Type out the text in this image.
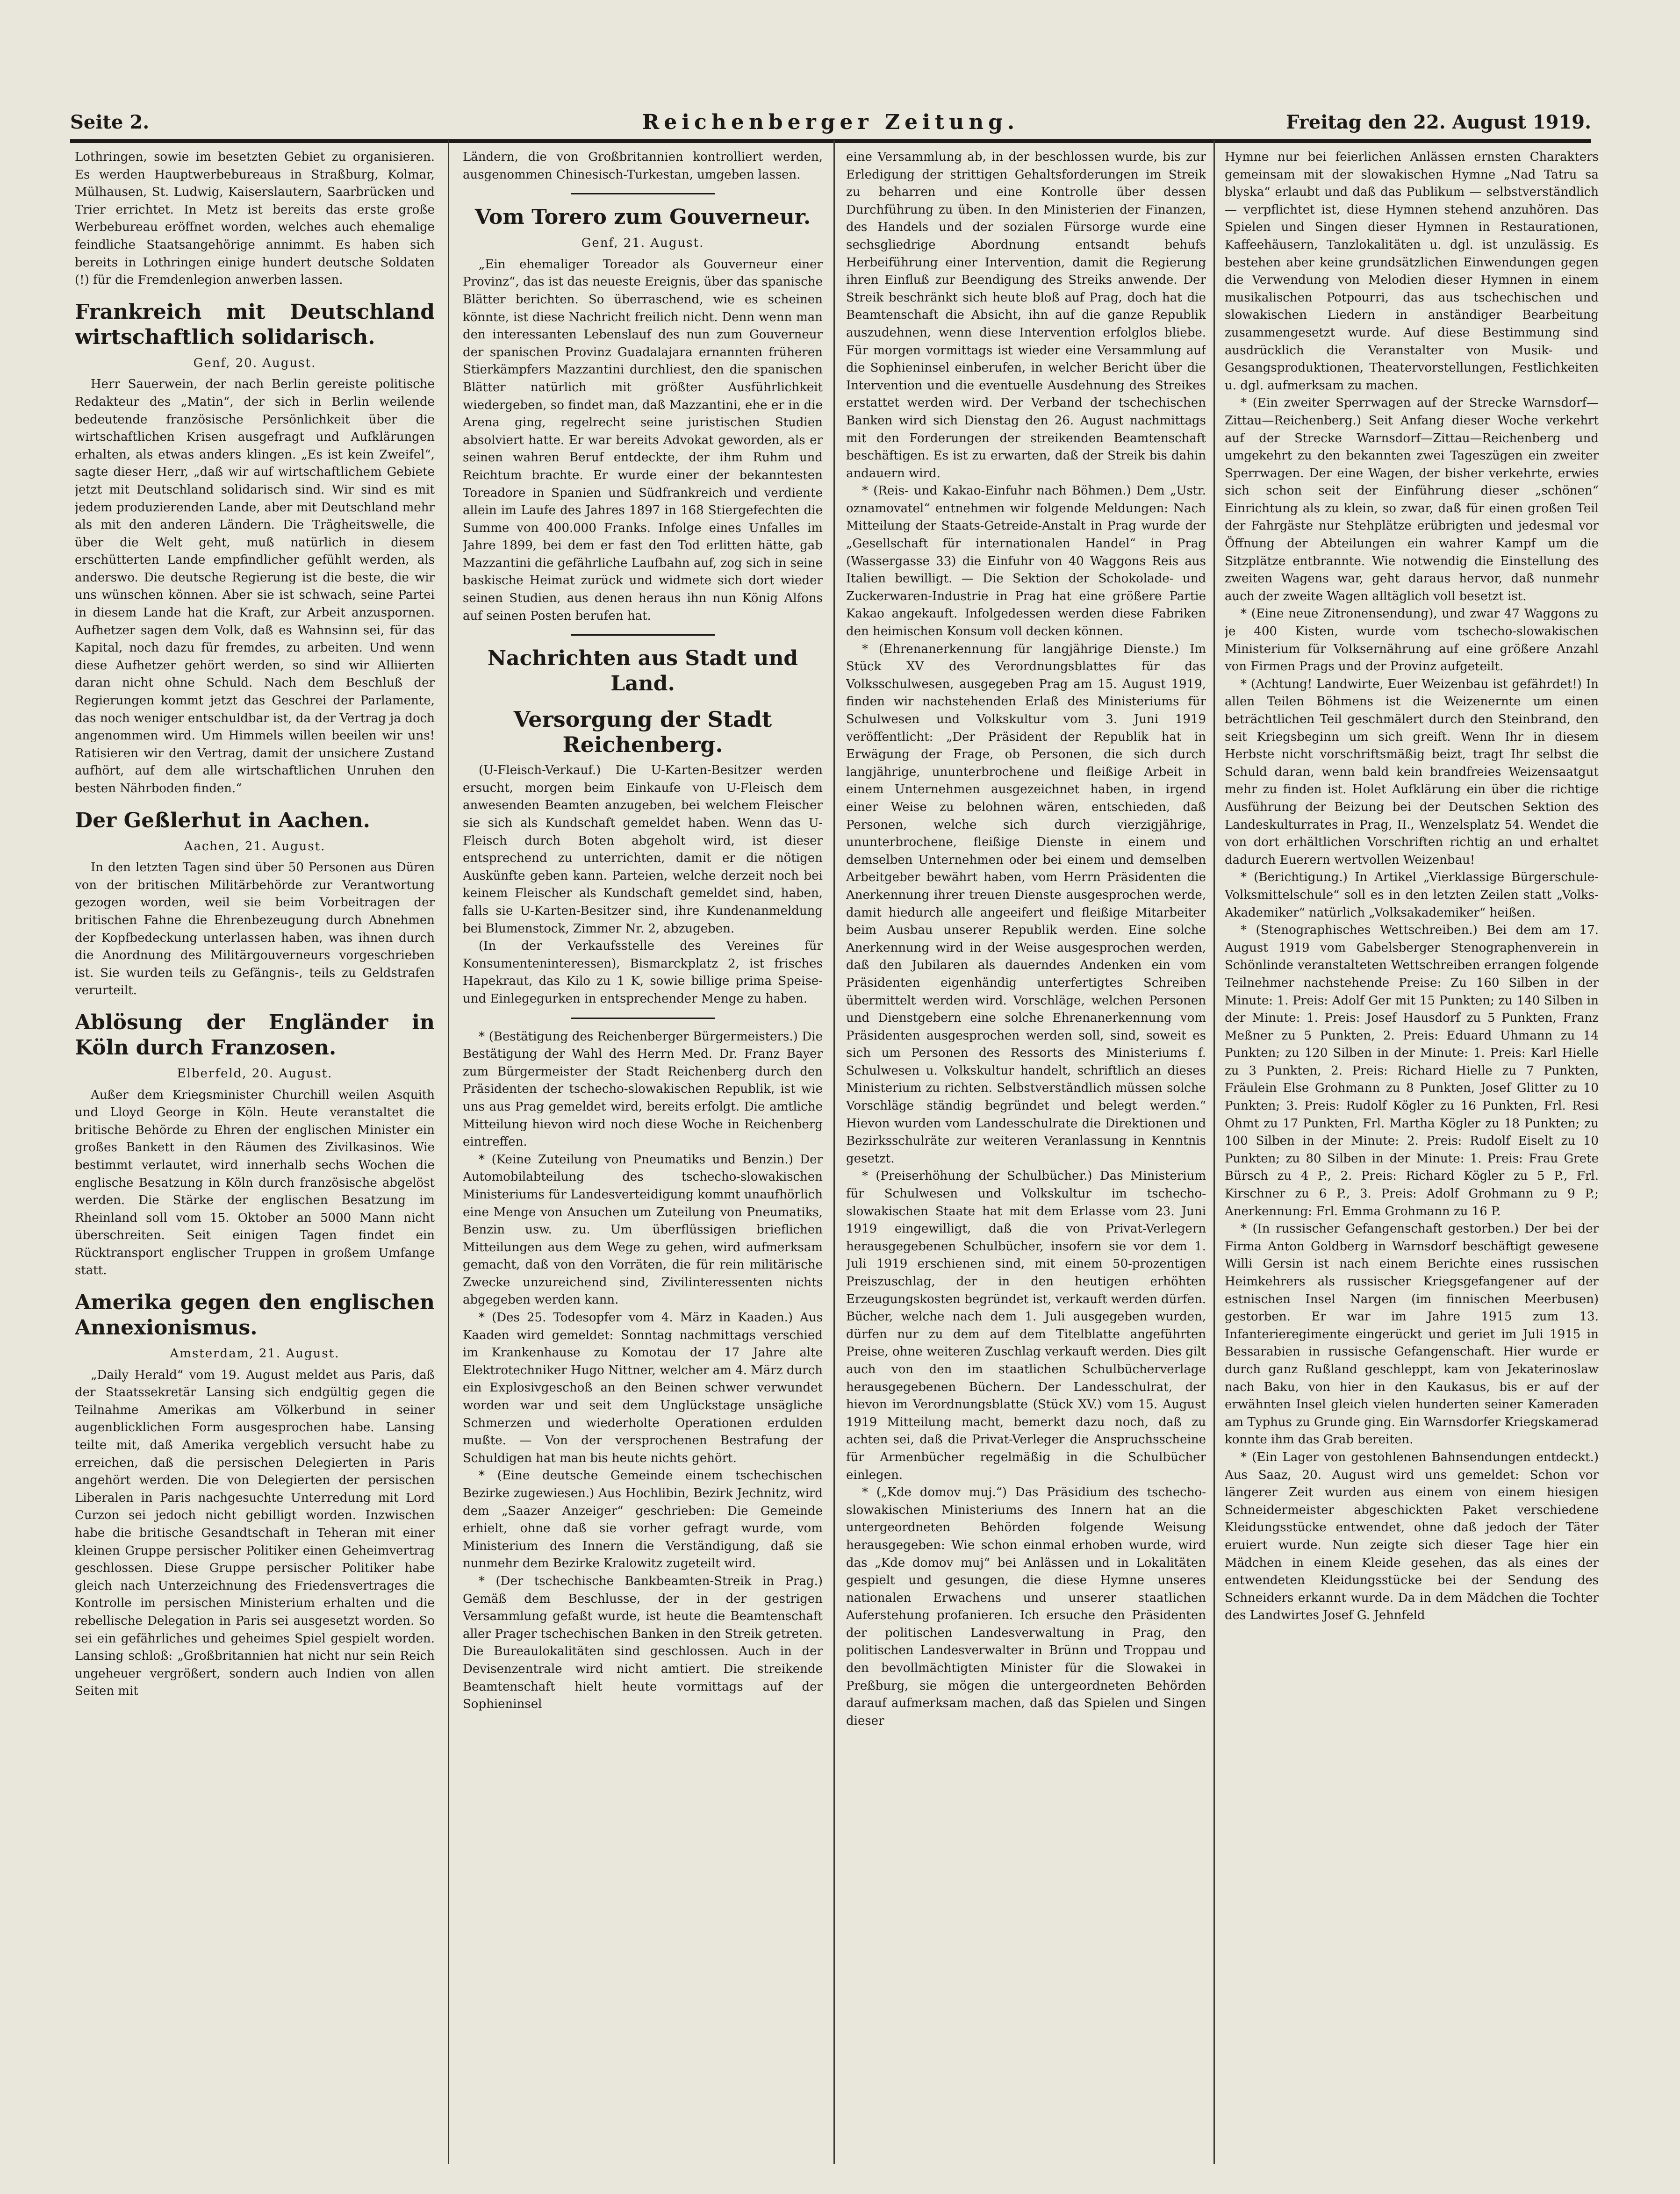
Seite 2.	Reichenberger Zeitung.	Freitag den 22. August 1919.

Lothringen, sowie im besetzten Gebiet zu organisieren. Es werden Hauptwerbebureaus in Straßburg, Kolmar, Mülhausen, St. Ludwig, Kaiserslautern, Saarbrücken und Trier errichtet. In Metz ist bereits das erste große Werbebureau eröffnet worden, welches auch ehemalige feindliche Staatsangehörige annimmt. Es haben sich bereits in Lothringen einige hundert deutsche Soldaten (!) für die Fremdenlegion anwerben lassen.

Frankreich mit Deutschland wirtschaftlich solidarisch.
Genf, 20. August.

Herr Sauerwein, der nach Berlin gereiste politische Redakteur des „Matin“, der sich in Berlin weilende bedeutende französische Persönlichkeit über die wirtschaftlichen Krisen ausgefragt und Aufklärungen erhalten, als etwas anders klingen. „Es ist kein Zweifel“, sagte dieser Herr, „daß wir auf wirtschaftlichem Gebiete jetzt mit Deutschland solidarisch sind. Wir sind es mit jedem produzierenden Lande, aber mit Deutschland mehr als mit den anderen Ländern. Die Trägheitswelle, die über die Welt geht, muß natürlich in diesem erschütterten Lande empfindlicher gefühlt werden, als anderswo. Die deutsche Regierung ist die beste, die wir uns wünschen können. Aber sie ist schwach, seine Partei in diesem Lande hat die Kraft, zur Arbeit anzuspornen. Aufhetzer sagen dem Volk, daß es Wahnsinn sei, für das Kapital, noch dazu für fremdes, zu arbeiten. Und wenn diese Aufhetzer gehört werden, so sind wir Alliierten daran nicht ohne Schuld. Nach dem Beschluß der Regierungen kommt jetzt das Geschrei der Parlamente, das noch weniger entschuldbar ist, da der Vertrag ja doch angenommen wird. Um Himmels willen beeilen wir uns! Ratisieren wir den Vertrag, damit der unsichere Zustand aufhört, auf dem alle wirtschaftlichen Unruhen den besten Nährboden finden.“

Der Geßlerhut in Aachen.
Aachen, 21. August.

In den letzten Tagen sind über 50 Personen aus Düren von der britischen Militärbehörde zur Verantwortung gezogen worden, weil sie beim Vorbeitragen der britischen Fahne die Ehrenbezeugung durch Abnehmen der Kopfbedeckung unterlassen haben, was ihnen durch die Anordnung des Militärgouverneurs vorgeschrieben ist. Sie wurden teils zu Gefängnis-, teils zu Geldstrafen verurteilt.

Ablösung der Engländer in Köln durch Franzosen.
Elberfeld, 20. August.

Außer dem Kriegsminister Churchill weilen Asquith und Lloyd George in Köln. Heute veranstaltet die britische Behörde zu Ehren der englischen Minister ein großes Bankett in den Räumen des Zivilkasinos. Wie bestimmt verlautet, wird innerhalb sechs Wochen die englische Besatzung in Köln durch französische abgelöst werden. Die Stärke der englischen Besatzung im Rheinland soll vom 15. Oktober an 5000 Mann nicht überschreiten. Seit einigen Tagen findet ein Rücktransport englischer Truppen in großem Umfange statt.

Amerika gegen den englischen Annexionismus.
Amsterdam, 21. August.

„Daily Herald“ vom 19. August meldet aus Paris, daß der Staatssekretär Lansing sich endgültig gegen die Teilnahme Amerikas am Völkerbund in seiner augenblicklichen Form ausgesprochen habe. Lansing teilte mit, daß Amerika vergeblich versucht habe zu erreichen, daß die persischen Delegierten in Paris angehört werden. Die von Delegierten der persischen Liberalen in Paris nachgesuchte Unterredung mit Lord Curzon sei jedoch nicht gebilligt worden. Inzwischen habe die britische Gesandtschaft in Teheran mit einer kleinen Gruppe persischer Politiker einen Geheimvertrag geschlossen. Diese Gruppe persischer Politiker habe gleich nach Unterzeichnung des Friedensvertrages die Kontrolle im persischen Ministerium erhalten und die rebellische Delegation in Paris sei ausgesetzt worden. So sei ein gefährliches und geheimes Spiel gespielt worden. Lansing schloß: „Großbritannien hat nicht nur sein Reich ungeheuer vergrößert, sondern auch Indien von allen Seiten mit

Ländern, die von Großbritannien kontrolliert werden, ausgenommen Chinesisch-Turkestan, umgeben lassen.

Vom Torero zum Gouverneur.
Genf, 21. August.

„Ein ehemaliger Toreador als Gouverneur einer Provinz“, das ist das neueste Ereignis, über das spanische Blätter berichten. So überraschend, wie es scheinen könnte, ist diese Nachricht freilich nicht. Denn wenn man den interessanten Lebenslauf des nun zum Gouverneur der spanischen Provinz Guadalajara ernannten früheren Stierkämpfers Mazzantini durchliest, den die spanischen Blätter natürlich mit größter Ausführlichkeit wiedergeben, so findet man, daß Mazzantini, ehe er in die Arena ging, regelrecht seine juristischen Studien absolviert hatte. Er war bereits Advokat geworden, als er seinen wahren Beruf entdeckte, der ihm Ruhm und Reichtum brachte. Er wurde einer der bekanntesten Toreadore in Spanien und Südfrankreich und verdiente allein im Laufe des Jahres 1897 in 168 Stiergefechten die Summe von 400.000 Franks. Infolge eines Unfalles im Jahre 1899, bei dem er fast den Tod erlitten hätte, gab Mazzantini die gefährliche Laufbahn auf, zog sich in seine baskische Heimat zurück und widmete sich dort wieder seinen Studien, aus denen heraus ihn nun König Alfons auf seinen Posten berufen hat.

Nachrichten aus Stadt und Land.
Versorgung der Stadt Reichenberg.

(U-Fleisch-Verkauf.) Die U-Karten-Besitzer werden ersucht, morgen beim Einkaufe von U-Fleisch dem anwesenden Beamten anzugeben, bei welchem Fleischer sie sich als Kundschaft gemeldet haben. Wenn das U-Fleisch durch Boten abgeholt wird, ist dieser entsprechend zu unterrichten, damit er die nötigen Auskünfte geben kann. Parteien, welche derzeit noch bei keinem Fleischer als Kundschaft gemeldet sind, haben, falls sie U-Karten-Besitzer sind, ihre Kundenanmeldung bei Blumenstock, Zimmer Nr. 2, abzugeben.

(In der Verkaufsstelle des Vereines für Konsumenteninteressen), Bismarckplatz 2, ist frisches Hapekraut, das Kilo zu 1 K, sowie billige prima Speise- und Einlegegurken in entsprechender Menge zu haben.

* (Bestätigung des Reichenberger Bürgermeisters.) Die Bestätigung der Wahl des Herrn Med. Dr. Franz Bayer zum Bürgermeister der Stadt Reichenberg durch den Präsidenten der tschecho-slowakischen Republik, ist wie uns aus Prag gemeldet wird, bereits erfolgt. Die amtliche Mitteilung hievon wird noch diese Woche in Reichenberg eintreffen.

* (Keine Zuteilung von Pneumatiks und Benzin.) Der Automobilabteilung des tschecho-slowakischen Ministeriums für Landesverteidigung kommt unaufhörlich eine Menge von Ansuchen um Zuteilung von Pneumatiks, Benzin usw. zu. Um überflüssigen brieflichen Mitteilungen aus dem Wege zu gehen, wird aufmerksam gemacht, daß von den Vorräten, die für rein militärische Zwecke unzureichend sind, Zivilinteressenten nichts abgegeben werden kann.

* (Des 25. Todesopfer vom 4. März in Kaaden.) Aus Kaaden wird gemeldet: Sonntag nachmittags verschied im Krankenhause zu Komotau der 17 Jahre alte Elektrotechniker Hugo Nittner, welcher am 4. März durch ein Explosivgeschoß an den Beinen schwer verwundet worden war und seit dem Unglückstage unsägliche Schmerzen und wiederholte Operationen erdulden mußte. — Von der versprochenen Bestrafung der Schuldigen hat man bis heute nichts gehört.

* (Eine deutsche Gemeinde einem tschechischen Bezirke zugewiesen.) Aus Hochlibin, Bezirk Jechnitz, wird dem „Saazer Anzeiger“ geschrieben: Die Gemeinde erhielt, ohne daß sie vorher gefragt wurde, vom Ministerium des Innern die Verständigung, daß sie nunmehr dem Bezirke Kralowitz zugeteilt wird.

* (Der tschechische Bankbeamten-Streik in Prag.) Gemäß dem Beschlusse, der in der gestrigen Versammlung gefaßt wurde, ist heute die Beamtenschaft aller Prager tschechischen Banken in den Streik getreten. Die Bureaulokalitäten sind geschlossen. Auch in der Devisenzentrale wird nicht amtiert. Die streikende Beamtenschaft hielt heute vormittags auf der Sophieninsel

eine Versammlung ab, in der beschlossen wurde, bis zur Erledigung der strittigen Gehaltsforderungen im Streik zu beharren und eine Kontrolle über dessen Durchführung zu üben. In den Ministerien der Finanzen, des Handels und der sozialen Fürsorge wurde eine sechsgliedrige Abordnung entsandt behufs Herbeiführung einer Intervention, damit die Regierung ihren Einfluß zur Beendigung des Streiks anwende. Der Streik beschränkt sich heute bloß auf Prag, doch hat die Beamtenschaft die Absicht, ihn auf die ganze Republik auszudehnen, wenn diese Intervention erfolglos bliebe. Für morgen vormittags ist wieder eine Versammlung auf die Sophieninsel einberufen, in welcher Bericht über die Intervention und die eventuelle Ausdehnung des Streikes erstattet werden wird. Der Verband der tschechischen Banken wird sich Dienstag den 26. August nachmittags mit den Forderungen der streikenden Beamtenschaft beschäftigen. Es ist zu erwarten, daß der Streik bis dahin andauern wird.

* (Reis- und Kakao-Einfuhr nach Böhmen.) Dem „Ustr. oznamovatel“ entnehmen wir folgende Meldungen: Nach Mitteilung der Staats-Getreide-Anstalt in Prag wurde der „Gesellschaft für internationalen Handel“ in Prag (Wassergasse 33) die Einfuhr von 40 Waggons Reis aus Italien bewilligt. — Die Sektion der Schokolade- und Zuckerwaren-Industrie in Prag hat eine größere Partie Kakao angekauft. Infolgedessen werden diese Fabriken den heimischen Konsum voll decken können.

* (Ehrenanerkennung für langjährige Dienste.) Im Stück XV des Verordnungsblattes für das Volksschulwesen, ausgegeben Prag am 15. August 1919, finden wir nachstehenden Erlaß des Ministeriums für Schulwesen und Volkskultur vom 3. Juni 1919 veröffentlicht: „Der Präsident der Republik hat in Erwägung der Frage, ob Personen, die sich durch langjährige, ununterbrochene und fleißige Arbeit in einem Unternehmen ausgezeichnet haben, in irgend einer Weise zu belohnen wären, entschieden, daß Personen, welche sich durch vierzigjährige, ununterbrochene, fleißige Dienste in einem und demselben Unternehmen oder bei einem und demselben Arbeitgeber bewährt haben, vom Herrn Präsidenten die Anerkennung ihrer treuen Dienste ausgesprochen werde, damit hiedurch alle angeeifert und fleißige Mitarbeiter beim Ausbau unserer Republik werden. Eine solche Anerkennung wird in der Weise ausgesprochen werden, daß den Jubilaren als dauerndes Andenken ein vom Präsidenten eigenhändig unterfertigtes Schreiben übermittelt werden wird. Vorschläge, welchen Personen und Dienstgebern eine solche Ehrenanerkennung vom Präsidenten ausgesprochen werden soll, sind, soweit es sich um Personen des Ressorts des Ministeriums f. Schulwesen u. Volkskultur handelt, schriftlich an dieses Ministerium zu richten. Selbstverständlich müssen solche Vorschläge ständig begründet und belegt werden.“ Hievon wurden vom Landesschulrate die Direktionen und Bezirksschulräte zur weiteren Veranlassung in Kenntnis gesetzt.

* (Preiserhöhung der Schulbücher.) Das Ministerium für Schulwesen und Volkskultur im tschecho-slowakischen Staate hat mit dem Erlasse vom 23. Juni 1919 eingewilligt, daß die von Privat-Verlegern herausgegebenen Schulbücher, insofern sie vor dem 1. Juli 1919 erschienen sind, mit einem 50-prozentigen Preiszuschlag, der in den heutigen erhöhten Erzeugungskosten begründet ist, verkauft werden dürfen. Bücher, welche nach dem 1. Juli ausgegeben wurden, dürfen nur zu dem auf dem Titelblatte angeführten Preise, ohne weiteren Zuschlag verkauft werden. Dies gilt auch von den im staatlichen Schulbücherverlage herausgegebenen Büchern. Der Landesschulrat, der hievon im Verordnungsblatte (Stück XV.) vom 15. August 1919 Mitteilung macht, bemerkt dazu noch, daß zu achten sei, daß die Privat-Verleger die Anspruchsscheine für Armenbücher regelmäßig in die Schulbücher einlegen.

* („Kde domov muj.“) Das Präsidium des tschecho-slowakischen Ministeriums des Innern hat an die untergeordneten Behörden folgende Weisung herausgegeben: Wie schon einmal erhoben wurde, wird das „Kde domov muj“ bei Anlässen und in Lokalitäten gespielt und gesungen, die diese Hymne unseres nationalen Erwachens und unserer staatlichen Auferstehung profanieren. Ich ersuche den Präsidenten der politischen Landesverwaltung in Prag, den politischen Landesverwalter in Brünn und Troppau und den bevollmächtigten Minister für die Slowakei in Preßburg, sie mögen die untergeordneten Behörden darauf aufmerksam machen, daß das Spielen und Singen dieser

Hymne nur bei feierlichen Anlässen ernsten Charakters gemeinsam mit der slowakischen Hymne „Nad Tatru sa blyska“ erlaubt und daß das Publikum — selbstverständlich — verpflichtet ist, diese Hymnen stehend anzuhören. Das Spielen und Singen dieser Hymnen in Restaurationen, Kaffeehäusern, Tanzlokalitäten u. dgl. ist unzulässig. Es bestehen aber keine grundsätzlichen Einwendungen gegen die Verwendung von Melodien dieser Hymnen in einem musikalischen Potpourri, das aus tschechischen und slowakischen Liedern in anständiger Bearbeitung zusammengesetzt wurde. Auf diese Bestimmung sind ausdrücklich die Veranstalter von Musik- und Gesangsproduktionen, Theatervorstellungen, Festlichkeiten u. dgl. aufmerksam zu machen.

* (Ein zweiter Sperrwagen auf der Strecke Warnsdorf—Zittau—Reichenberg.) Seit Anfang dieser Woche verkehrt auf der Strecke Warnsdorf—Zittau—Reichenberg und umgekehrt zu den bekannten zwei Tageszügen ein zweiter Sperrwagen. Der eine Wagen, der bisher verkehrte, erwies sich schon seit der Einführung dieser „schönen“ Einrichtung als zu klein, so zwar, daß für einen großen Teil der Fahrgäste nur Stehplätze erübrigten und jedesmal vor Öffnung der Abteilungen ein wahrer Kampf um die Sitzplätze entbrannte. Wie notwendig die Einstellung des zweiten Wagens war, geht daraus hervor, daß nunmehr auch der zweite Wagen alltäglich voll besetzt ist.

* (Eine neue Zitronensendung), und zwar 47 Waggons zu je 400 Kisten, wurde vom tschecho-slowakischen Ministerium für Volksernährung auf eine größere Anzahl von Firmen Prags und der Provinz aufgeteilt.

* (Achtung! Landwirte, Euer Weizenbau ist gefährdet!) In allen Teilen Böhmens ist die Weizenernte um einen beträchtlichen Teil geschmälert durch den Steinbrand, den seit Kriegsbeginn um sich greift. Wenn Ihr in diesem Herbste nicht vorschriftsmäßig beizt, tragt Ihr selbst die Schuld daran, wenn bald kein brandfreies Weizensaatgut mehr zu finden ist. Holet Aufklärung ein über die richtige Ausführung der Beizung bei der Deutschen Sektion des Landeskulturrates in Prag, II., Wenzelsplatz 54. Wendet die von dort erhältlichen Vorschriften richtig an und erhaltet dadurch Euerern wertvollen Weizenbau!

* (Berichtigung.) In Artikel „Vierklassige Bürgerschule-Volksmittelschule“ soll es in den letzten Zeilen statt „Volks-Akademiker“ natürlich „Volksakademiker“ heißen.

* (Stenographisches Wettschreiben.) Bei dem am 17. August 1919 vom Gabelsberger Stenographenverein in Schönlinde veranstalteten Wettschreiben errangen folgende Teilnehmer nachstehende Preise: Zu 160 Silben in der Minute: 1. Preis: Adolf Ger mit 15 Punkten; zu 140 Silben in der Minute: 1. Preis: Josef Hausdorf zu 5 Punkten, Franz Meßner zu 5 Punkten, 2. Preis: Eduard Uhmann zu 14 Punkten; zu 120 Silben in der Minute: 1. Preis: Karl Hielle zu 3 Punkten, 2. Preis: Richard Hielle zu 7 Punkten, Fräulein Else Grohmann zu 8 Punkten, Josef Glitter zu 10 Punkten; 3. Preis: Rudolf Kögler zu 16 Punkten, Frl. Resi Ohmt zu 17 Punkten, Frl. Martha Kögler zu 18 Punkten; zu 100 Silben in der Minute: 2. Preis: Rudolf Eiselt zu 10 Punkten; zu 80 Silben in der Minute: 1. Preis: Frau Grete Bürsch zu 4 P., 2. Preis: Richard Kögler zu 5 P., Frl. Kirschner zu 6 P., 3. Preis: Adolf Grohmann zu 9 P.; Anerkennung: Frl. Emma Grohmann zu 16 P.

* (In russischer Gefangenschaft gestorben.) Der bei der Firma Anton Goldberg in Warnsdorf beschäftigt gewesene Willi Gersin ist nach einem Berichte eines russischen Heimkehrers als russischer Kriegsgefangener auf der estnischen Insel Nargen (im finnischen Meerbusen) gestorben. Er war im Jahre 1915 zum 13. Infanterieregimente eingerückt und geriet im Juli 1915 in Bessarabien in russische Gefangenschaft. Hier wurde er durch ganz Rußland geschleppt, kam von Jekaterinoslaw nach Baku, von hier in den Kaukasus, bis er auf der erwähnten Insel gleich vielen hunderten seiner Kameraden am Typhus zu Grunde ging. Ein Warnsdorfer Kriegskamerad konnte ihm das Grab bereiten.

* (Ein Lager von gestohlenen Bahnsendungen entdeckt.) Aus Saaz, 20. August wird uns gemeldet: Schon vor längerer Zeit wurden aus einem von einem hiesigen Schneidermeister abgeschickten Paket verschiedene Kleidungsstücke entwendet, ohne daß jedoch der Täter eruiert wurde. Nun zeigte sich dieser Tage hier ein Mädchen in einem Kleide gesehen, das als eines der entwendeten Kleidungsstücke bei der Sendung des Schneiders erkannt wurde. Da in dem Mädchen die Tochter des Landwirtes Josef G. Jehnfeld
